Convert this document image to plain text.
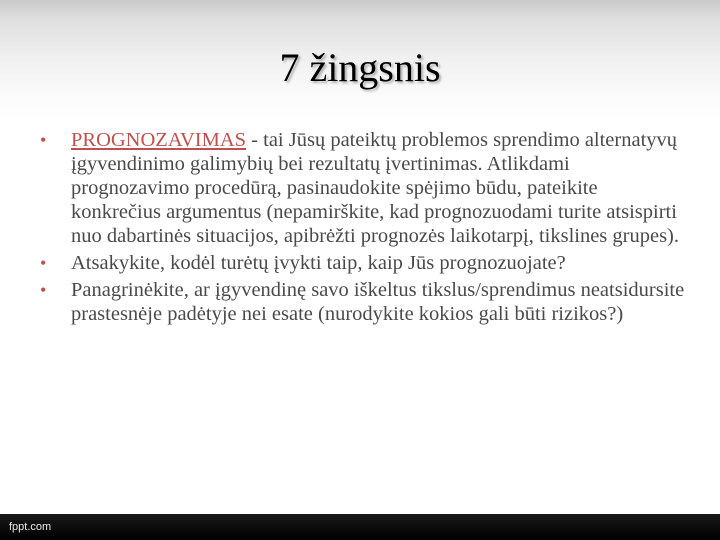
7 žingsnis
•	PROGNOZAVIMAS - tai Jūsų pateiktų problemos sprendimo alternatyvų įgyvendinimo galimybių bei rezultatų įvertinimas. Atlikdami prognozavimo procedūrą, pasinaudokite spėjimo būdu, pateikite konkrečius argumentus (nepamirškite, kad prognozuodami turite atsispirti nuo dabartinės situacijos, apibrėžti prognozės laikotarpį, tikslines grupes).
•	Atsakykite, kodėl turėtų įvykti taip, kaip Jūs prognozuojate?
•	Panagrinėkite, ar įgyvendinę savo iškeltus tikslus/sprendimus neatsidursite prastesnėje padėtyje nei esate (nurodykite kokios gali būti rizikos?)
fppt.com
